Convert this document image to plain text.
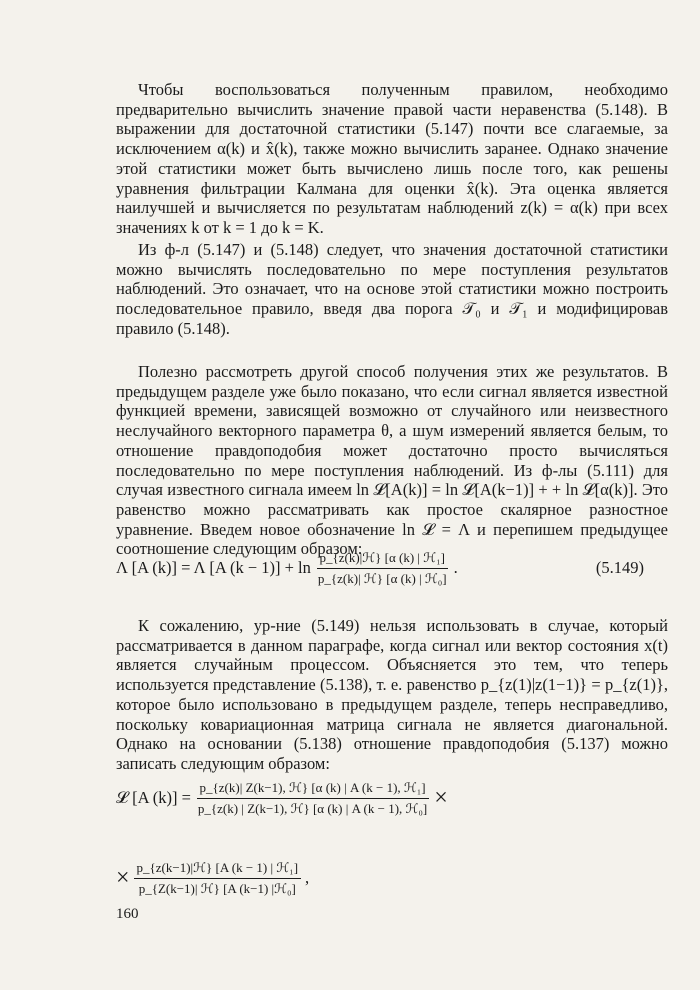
Чтобы воспользоваться полученным правилом, необходимо предварительно вычислить значение правой части неравенства (5.148). В выражении для достаточной статистики (5.147) почти все слагаемые, за исключением α(k) и x̂(k), также можно вычислить заранее. Однако значение этой статистики может быть вычислено лишь после того, как решены уравнения фильтрации Калмана для оценки x̂(k). Эта оценка является наилучшей и вычисляется по результатам наблюдений z(k) = α(k) при всех значениях k от k = 1 до k = K.

Из ф-л (5.147) и (5.148) следует, что значения достаточной статистики можно вычислять последовательно по мере поступления результатов наблюдений. Это означает, что на основе этой статистики можно построить последовательное правило, введя два порога 𝒯₀ и 𝒯₁ и модифицировав правило (5.148).

Полезно рассмотреть другой способ получения этих же результатов. В предыдущем разделе уже было показано, что если сигнал является известной функцией времени, зависящей возможно от случайного или неизвестного неслучайного векторного параметра θ, а шум измерений является белым, то отношение правдоподобия может достаточно просто вычисляться последовательно по мере поступления наблюдений. Из ф-лы (5.111) для случая известного сигнала имеем ln 𝓛[A(k)] = ln 𝓛[A(k−1)] + + ln 𝓛[α(k)]. Это равенство можно рассматривать как простое скалярное разностное уравнение. Введем новое обозначение ln 𝓛 = Λ и перепишем предыдущее соотношение следующим образом:

Λ [A (k)] = Λ [A $(k - 1)] + \ln \frac{\text{p\_\{z(k)|ℋ\} [α (k) | ℋ₁]}}{\text{p\_\{z(k)| ℋ\} [α (k) | ℋ₀]}}$ .	(5.149)

К сожалению, ур-ние (5.149) нельзя использовать в случае, который рассматривается в данном параграфе, когда сигнал или вектор состояния x(t) является случайным процессом. Объясняется это тем, что теперь используется представление (5.138), т. е. равенство p_{z(1)|z(1−1)} = p_{z(1)}, которое было использовано в предыдущем разделе, теперь несправедливо, поскольку ковариационная матрица сигнала не является диагональной. Однако на основании (5.138) отношение правдоподобия (5.137) можно записать следующим образом:

𝓛 [A $(k)] = \frac{\text{p\_\{z(k)| Z(k−1), ℋ\} [α (k) | A (k − 1), ℋ₁]}}{\text{p\_\{z(k) | Z(k−1), ℋ\} [α (k) | A (k − 1), ℋ₀]}}$ ×
× $\frac{\text{p\_\{z(k−1)|ℋ\} [A (k − 1) | ℋ₁]}}{\text{p\_\{Z(k−1)| ℋ\} [A (k−1) |ℋ₀]}}$ ,
160
